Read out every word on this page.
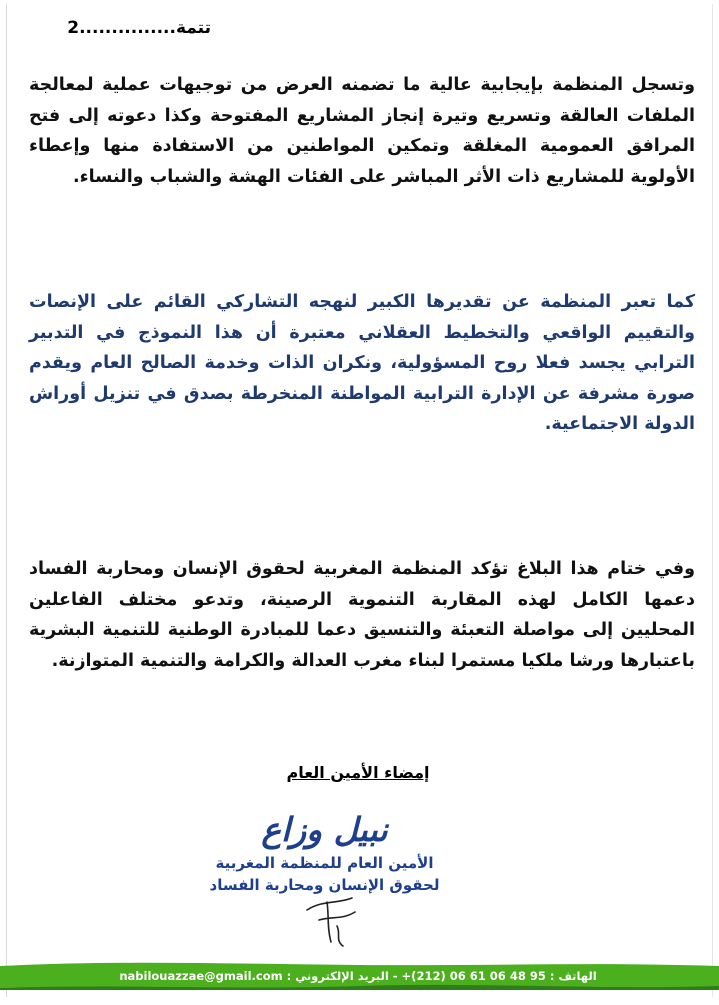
تتمة...............2

وتسجل المنظمة بإيجابية عالية ما تضمنه العرض من توجيهات عملية لمعالجة الملفات العالقة وتسريع وتيرة إنجاز المشاريع المفتوحة وكذا دعوته إلى فتح المرافق العمومية المغلقة وتمكين المواطنين من الاستفادة منها وإعطاء الأولوية للمشاريع ذات الأثر المباشر على الفئات الهشة والشباب والنساء.

كما تعبر المنظمة عن تقديرها الكبير لنهجه التشاركي القائم على الإنصات والتقييم الواقعي والتخطيط العقلاني معتبرة أن هذا النموذج في التدبير الترابي يجسد فعلا روح المسؤولية، ونكران الذات وخدمة الصالح العام ويقدم صورة مشرفة عن الإدارة الترابية المواطنة المنخرطة بصدق في تنزيل أوراش الدولة الاجتماعية.

وفي ختام هذا البلاغ تؤكد المنظمة المغربية لحقوق الإنسان ومحاربة الفساد دعمها الكامل لهذه المقاربة التنموية الرصينة، وتدعو مختلف الفاعلين المحليين إلى مواصلة التعبئة والتنسيق دعما للمبادرة الوطنية للتنمية البشرية باعتبارها ورشا ملكيا مستمرا لبناء مغرب العدالة والكرامة والتنمية المتوازنة.

إمضاء الأمين العام
نبيل وزاع
الأمين العام للمنظمة المغربية
لحقوق الإنسان ومحاربة الفساد
الهاتف : 95 48 06 61 06 (212)+ - البريد الإلكتروني : nabilouazzae@gmail.com
